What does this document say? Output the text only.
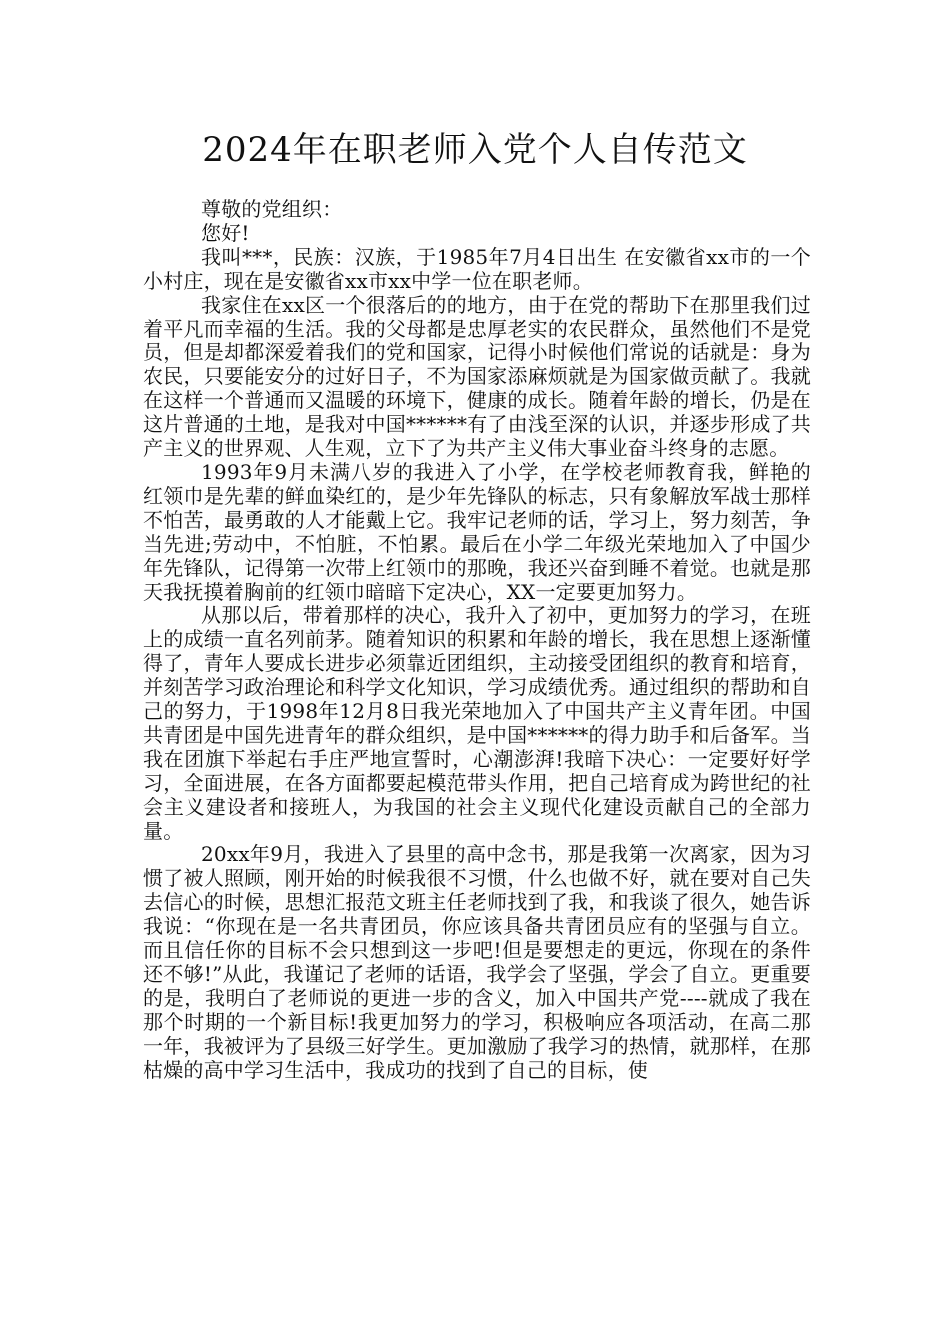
2024年在职老师入党个人自传范文

尊敬的党组织：

您好!

我叫***，民族：汉族，于1985年7月4日出生 在安徽省xx市的一个小村庄，现在是安徽省xx市xx中学一位在职老师。

我家住在xx区一个很落后的的地方，由于在党的帮助下在那里我们过着平凡而幸福的生活。我的父母都是忠厚老实的农民群众，虽然他们不是党员，但是却都深爱着我们的党和国家，记得小时候他们常说的话就是：身为农民，只要能安分的过好日子，不为国家添麻烦就是为国家做贡献了。我就在这样一个普通而又温暖的环境下，健康的成长。随着年龄的增长，仍是在这片普通的土地，是我对中国******有了由浅至深的认识，并逐步形成了共产主义的世界观、人生观，立下了为共产主义伟大事业奋斗终身的志愿。

1993年9月未满八岁的我进入了小学，在学校老师教育我，鲜艳的红领巾是先辈的鲜血染红的，是少年先锋队的标志，只有象解放军战士那样不怕苦，最勇敢的人才能戴上它。我牢记老师的话，学习上，努力刻苦，争当先进;劳动中，不怕脏，不怕累。最后在小学二年级光荣地加入了中国少年先锋队，记得第一次带上红领巾的那晚，我还兴奋到睡不着觉。也就是那天我抚摸着胸前的红领巾暗暗下定决心，XX一定要更加努力。

从那以后，带着那样的决心，我升入了初中，更加努力的学习，在班上的成绩一直名列前茅。随着知识的积累和年龄的增长，我在思想上逐渐懂得了，青年人要成长进步必须靠近团组织，主动接受团组织的教育和培育，并刻苦学习政治理论和科学文化知识，学习成绩优秀。通过组织的帮助和自己的努力，于1998年12月8日我光荣地加入了中国共产主义青年团。中国共青团是中国先进青年的群众组织，是中国******的得力助手和后备军。当我在团旗下举起右手庄严地宣誓时，心潮澎湃!我暗下决心：一定要好好学习，全面进展，在各方面都要起模范带头作用，把自己培育成为跨世纪的社会主义建设者和接班人，为我国的社会主义现代化建设贡献自己的全部力量。

20xx年9月，我进入了县里的高中念书，那是我第一次离家，因为习惯了被人照顾，刚开始的时候我很不习惯，什么也做不好，就在要对自己失去信心的时候，思想汇报范文班主任老师找到了我，和我谈了很久，她告诉我说：“你现在是一名共青团员，你应该具备共青团员应有的坚强与自立。而且信任你的目标不会只想到这一步吧!但是要想走的更远，你现在的条件还不够!”从此，我谨记了老师的话语，我学会了坚强，学会了自立。更重要的是，我明白了老师说的更进一步的含义，加入中国共产党----就成了我在那个时期的一个新目标!我更加努力的学习，积极响应各项活动，在高二那一年，我被评为了县级三好学生。更加激励了我学习的热情，就那样，在那枯燥的高中学习生活中，我成功的找到了自己的目标，使
